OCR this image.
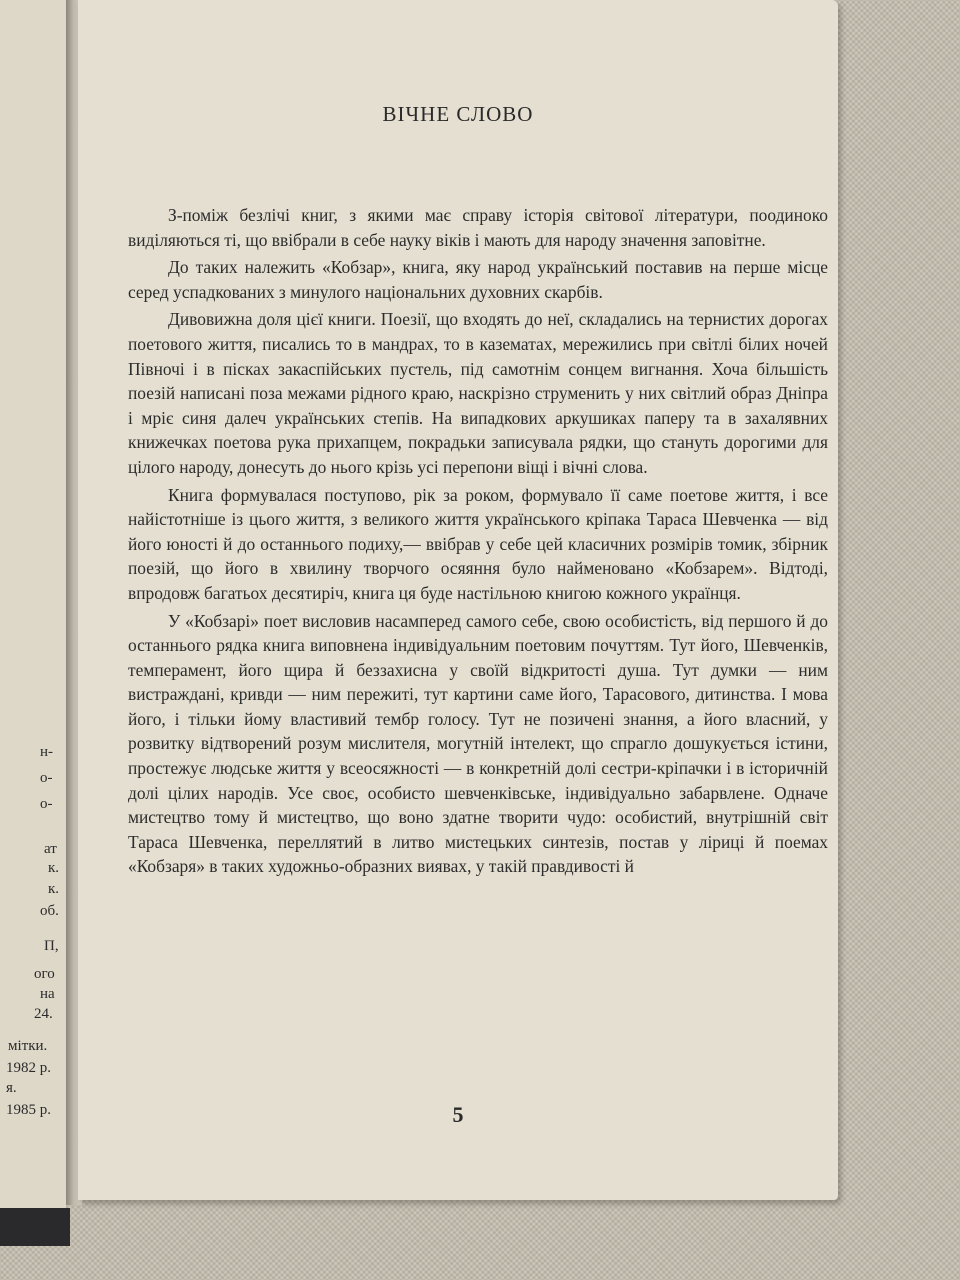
н-
о-
о-
ат
к.
к.
об.
П,
ого
на
24.
мітки.
1982 р.
я.
1985 р.
ВІЧНЕ СЛОВО

З-поміж безлічі книг, з якими має справу історія світової літератури, поодиноко виділяються ті, що ввібрали в себе науку віків і мають для народу значення заповітне.

До таких належить «Кобзар», книга, яку народ український поставив на перше місце серед успадкованих з минулого національних духовних скарбів.

Дивовижна доля цієї книги. Поезії, що входять до неї, складались на тернистих дорогах поетового життя, писались то в мандрах, то в казематах, мережились при світлі білих ночей Півночі і в пісках закаспійських пустель, під самотнім сонцем вигнання. Хоча більшість поезій написані поза межами рідного краю, наскрізно струменить у них світлий образ Дніпра і мріє синя далеч українських степів. На випадкових аркушиках паперу та в захалявних книжечках поетова рука прихапцем, покрадьки записувала рядки, що стануть дорогими для цілого народу, донесуть до нього крізь усі перепони віщі і вічні слова.

Книга формувалася поступово, рік за роком, формувало її саме поетове життя, і все найістотніше із цього життя, з великого життя українського кріпака Тараса Шевченка — від його юності й до останнього подиху,— ввібрав у себе цей класичних розмірів томик, збірник поезій, що його в хвилину творчого осяяння було найменовано «Кобзарем». Відтоді, впродовж багатьох десятиріч, книга ця буде настільною книгою кожного українця.

У «Кобзарі» поет висловив насамперед самого себе, свою особистість, від першого й до останнього рядка книга виповнена індивідуальним поетовим почуттям. Тут його, Шевченків, темперамент, його щира й беззахисна у своїй відкритості душа. Тут думки — ним вистраждані, кривди — ним пережиті, тут картини саме його, Тарасового, дитинства. І мова його, і тільки йому властивий тембр голосу. Тут не позичені знання, а його власний, у розвитку відтворений розум мислителя, могутній інтелект, що спрагло дошукується істини, простежує людське життя у всеосяжності — в конкретній долі сестри-кріпачки і в історичній долі цілих народів. Усе своє, особисто шевченківське, індивідуально забарвлене. Одначе мистецтво тому й мистецтво, що воно здатне творити чудо: особистий, внутрішній світ Тараса Шевченка, переллятий в литво мистецьких синтезів, постав у ліриці й поемах «Кобзаря» в таких художньо-образних виявах, у такій правдивості й

5
